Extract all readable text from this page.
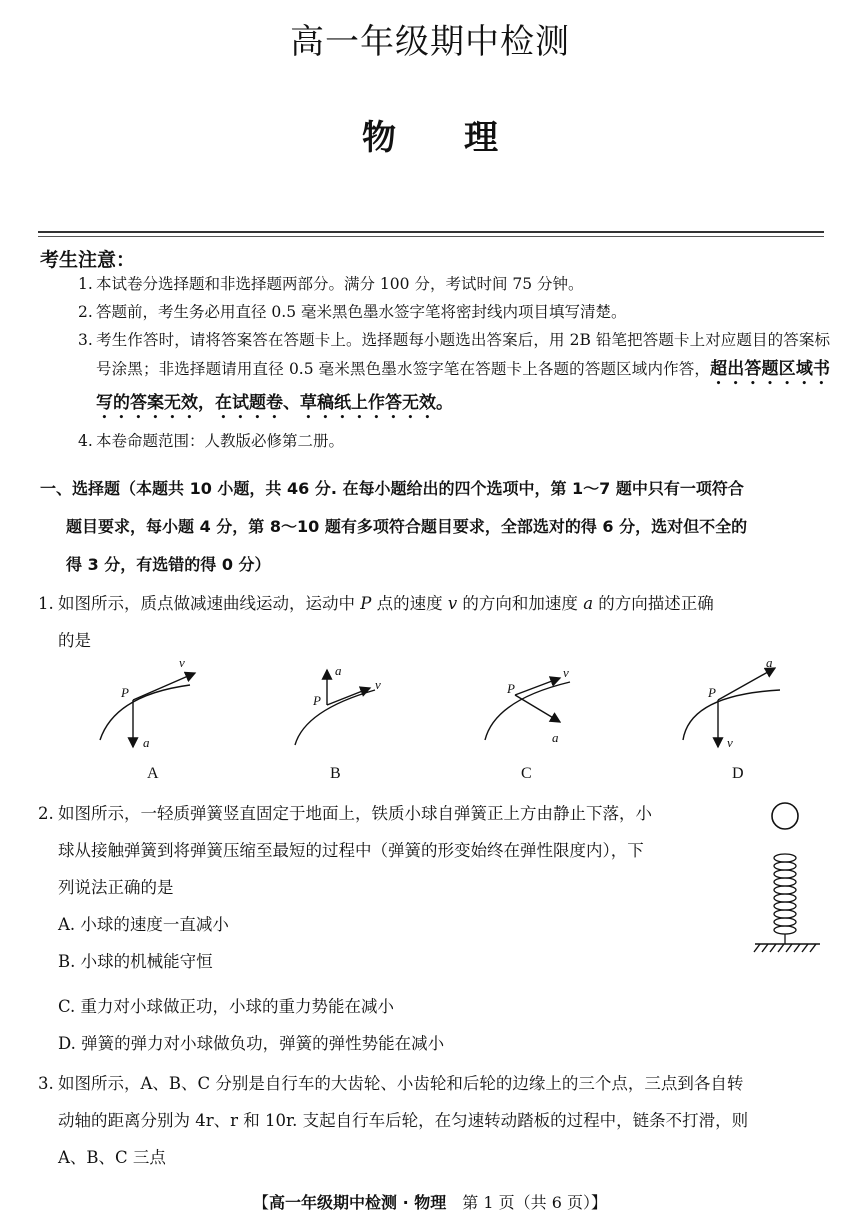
高一年级期中检测
物　　理
考生注意：
1. 本试卷分选择题和非选择题两部分。满分 100 分，考试时间 75 分钟。
2. 答题前，考生务必用直径 0.5 毫米黑色墨水签字笔将密封线内项目填写清楚。
3. 考生作答时，请将答案答在答题卡上。选择题每小题选出答案后，用 2B 铅笔把答题卡上对应题目的答案标号涂黑；非选择题请用直径 0.5 毫米黑色墨水签字笔在答题卡上各题的答题区域内作答，超出答题区域书写的答案无效，在试题卷、草稿纸上作答无效。
4. 本卷命题范围：人教版必修第二册。
一、选择题（本题共 10 小题，共 46 分. 在每小题给出的四个选项中，第 1～7 题中只有一项符合
题目要求，每小题 4 分，第 8～10 题有多项符合题目要求，全部选对的得 6 分，选对但不全的
得 3 分，有选错的得 0 分）
1. 如图所示，质点做减速曲线运动，运动中 P 点的速度 v 的方向和加速度 a 的方向描述正确
的是
P
v
a
P
v
a
P
v
a
P
a
v
A	B	C	D
2. 如图所示，一轻质弹簧竖直固定于地面上，铁质小球自弹簧正上方由静止下落，小
球从接触弹簧到将弹簧压缩至最短的过程中（弹簧的形变始终在弹性限度内），下
列说法正确的是
A. 小球的速度一直减小
B. 小球的机械能守恒
C. 重力对小球做正功，小球的重力势能在减小
D. 弹簧的弹力对小球做负功，弹簧的弹性势能在减小
3. 如图所示，A、B、C 分别是自行车的大齿轮、小齿轮和后轮的边缘上的三个点，三点到各自转
动轴的距离分别为 4r、r 和 10r. 支起自行车后轮，在匀速转动踏板的过程中，链条不打滑，则
A、B、C 三点
【高一年级期中检测 · 物理　第 1 页（共 6 页）】
